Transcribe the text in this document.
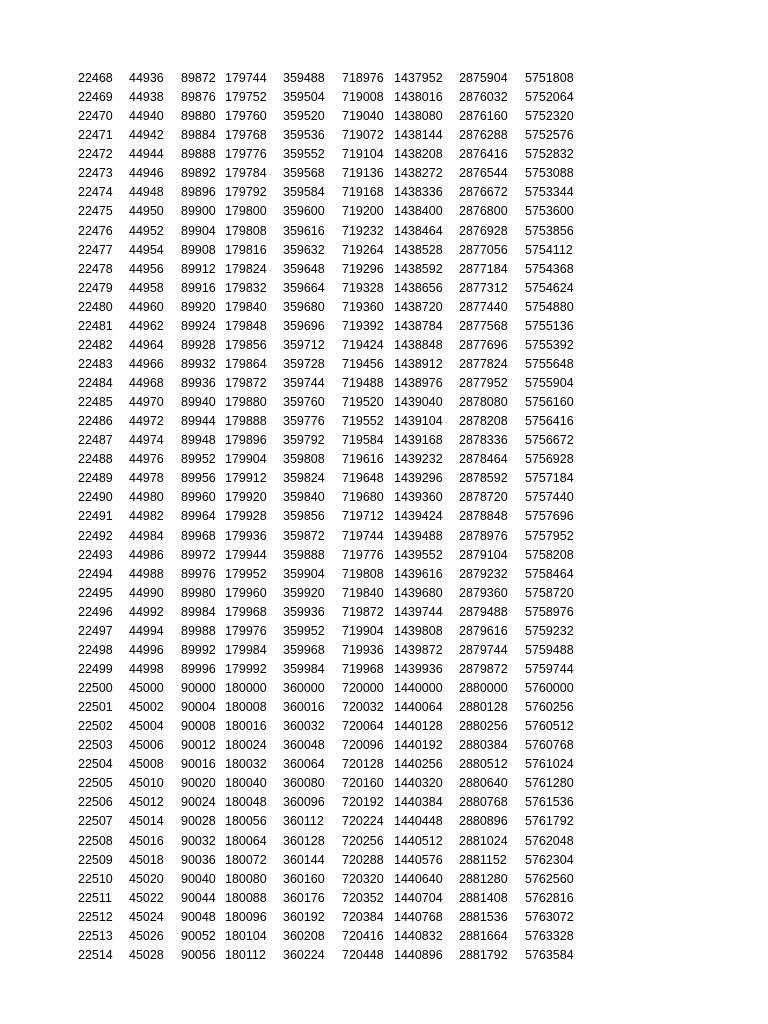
22468 44936 89872 179744 359488 718976 1437952 2875904 5751808
22469 44938 89876 179752 359504 719008 1438016 2876032 5752064
22470 44940 89880 179760 359520 719040 1438080 2876160 5752320
22471 44942 89884 179768 359536 719072 1438144 2876288 5752576
22472 44944 89888 179776 359552 719104 1438208 2876416 5752832
22473 44946 89892 179784 359568 719136 1438272 2876544 5753088
22474 44948 89896 179792 359584 719168 1438336 2876672 5753344
22475 44950 89900 179800 359600 719200 1438400 2876800 5753600
22476 44952 89904 179808 359616 719232 1438464 2876928 5753856
22477 44954 89908 179816 359632 719264 1438528 2877056 5754112
22478 44956 89912 179824 359648 719296 1438592 2877184 5754368
22479 44958 89916 179832 359664 719328 1438656 2877312 5754624
22480 44960 89920 179840 359680 719360 1438720 2877440 5754880
22481 44962 89924 179848 359696 719392 1438784 2877568 5755136
22482 44964 89928 179856 359712 719424 1438848 2877696 5755392
22483 44966 89932 179864 359728 719456 1438912 2877824 5755648
22484 44968 89936 179872 359744 719488 1438976 2877952 5755904
22485 44970 89940 179880 359760 719520 1439040 2878080 5756160
22486 44972 89944 179888 359776 719552 1439104 2878208 5756416
22487 44974 89948 179896 359792 719584 1439168 2878336 5756672
22488 44976 89952 179904 359808 719616 1439232 2878464 5756928
22489 44978 89956 179912 359824 719648 1439296 2878592 5757184
22490 44980 89960 179920 359840 719680 1439360 2878720 5757440
22491 44982 89964 179928 359856 719712 1439424 2878848 5757696
22492 44984 89968 179936 359872 719744 1439488 2878976 5757952
22493 44986 89972 179944 359888 719776 1439552 2879104 5758208
22494 44988 89976 179952 359904 719808 1439616 2879232 5758464
22495 44990 89980 179960 359920 719840 1439680 2879360 5758720
22496 44992 89984 179968 359936 719872 1439744 2879488 5758976
22497 44994 89988 179976 359952 719904 1439808 2879616 5759232
22498 44996 89992 179984 359968 719936 1439872 2879744 5759488
22499 44998 89996 179992 359984 719968 1439936 2879872 5759744
22500 45000 90000 180000 360000 720000 1440000 2880000 5760000
22501 45002 90004 180008 360016 720032 1440064 2880128 5760256
22502 45004 90008 180016 360032 720064 1440128 2880256 5760512
22503 45006 90012 180024 360048 720096 1440192 2880384 5760768
22504 45008 90016 180032 360064 720128 1440256 2880512 5761024
22505 45010 90020 180040 360080 720160 1440320 2880640 5761280
22506 45012 90024 180048 360096 720192 1440384 2880768 5761536
22507 45014 90028 180056 360112 720224 1440448 2880896 5761792
22508 45016 90032 180064 360128 720256 1440512 2881024 5762048
22509 45018 90036 180072 360144 720288 1440576 2881152 5762304
22510 45020 90040 180080 360160 720320 1440640 2881280 5762560
22511 45022 90044 180088 360176 720352 1440704 2881408 5762816
22512 45024 90048 180096 360192 720384 1440768 2881536 5763072
22513 45026 90052 180104 360208 720416 1440832 2881664 5763328
22514 45028 90056 180112 360224 720448 1440896 2881792 5763584
